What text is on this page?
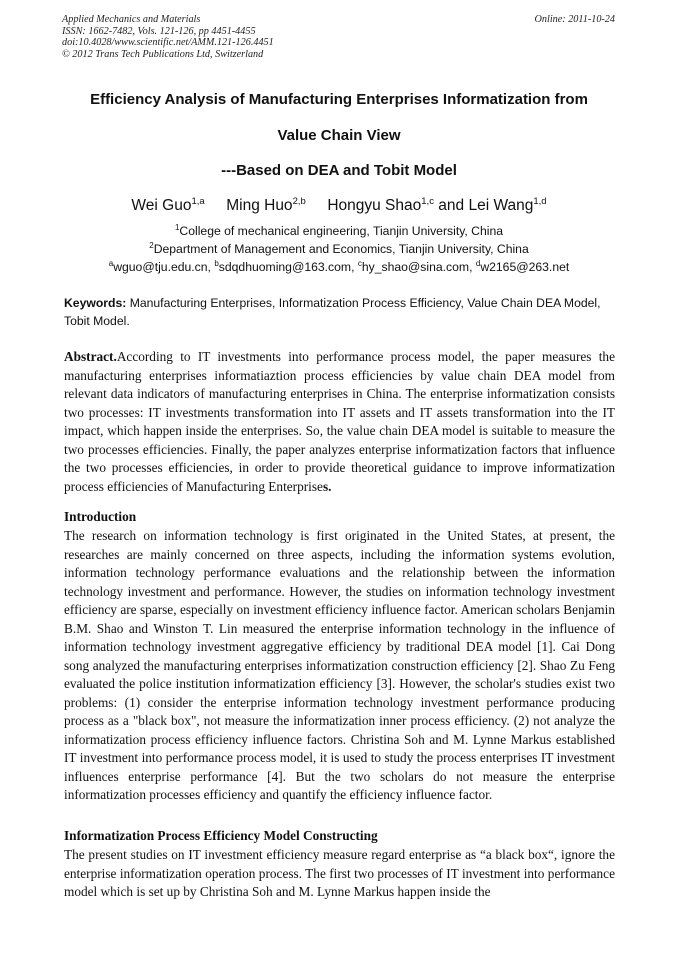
Applied Mechanics and Materials
ISSN: 1662-7482, Vols. 121-126, pp 4451-4455
doi:10.4028/www.scientific.net/AMM.121-126.4451
© 2012 Trans Tech Publications Ltd, Switzerland
Online: 2011-10-24
Efficiency Analysis of Manufacturing Enterprises Informatization from
Value Chain View
---Based on DEA and Tobit Model
Wei Guo$^{1,a}$ Ming Huo$^{2,b}$ Hongyu Shao$^{1,c}$ and Lei Wang$^{1,d}$
$^1$College of mechanical engineering, Tianjin University, China
$^2$Department of Management and Economics, Tianjin University, China
$^a$wguo@tju.edu.cn, $^b$sdqdhuoming@163.com, $^c$hy_shao@sina.com, $^d$w2165@263.net
Keywords: Manufacturing Enterprises, Informatization Process Efficiency, Value Chain DEA Model, Tobit Model.
Abstract.According to IT investments into performance process model, the paper measures the manufacturing enterprises informatiaztion process efficiencies by value chain DEA model from relevant data indicators of manufacturing enterprises in China. The enterprise informatization consists two processes: IT investments transformation into IT assets and IT assets transformation into the IT impact, which happen inside the enterprises. So, the value chain DEA model is suitable to measure the two processes efficiencies. Finally, the paper analyzes enterprise informatization factors that influence the two processes efficiencies, in order to provide theoretical guidance to improve informatization process efficiencies of Manufacturing Enterprises.
Introduction
The research on information technology is first originated in the United States, at present, the researches are mainly concerned on three aspects, including the information systems evolution, information technology performance evaluations and the relationship between the information technology investment and performance. However, the studies on information technology investment efficiency are sparse, especially on investment efficiency influence factor. American scholars Benjamin B.M. Shao and Winston T. Lin measured the enterprise information technology in the influence of information technology investment aggregative efficiency by traditional DEA model [1]. Cai Dong song analyzed the manufacturing enterprises informatization construction efficiency [2]. Shao Zu Feng evaluated the police institution informatization efficiency [3]. However, the scholar's studies exist two problems: (1) consider the enterprise information technology investment performance producing process as a "black box", not measure the informatization inner process efficiency. (2) not analyze the informatization process efficiency influence factors. Christina Soh and M. Lynne Markus established IT investment into performance process model, it is used to study the process enterprises IT investment influences enterprise performance [4]. But the two scholars do not measure the enterprise informatization processes efficiency and quantify the efficiency influence factor.
Informatization Process Efficiency Model Constructing
The present studies on IT investment efficiency measure regard enterprise as “a black box“, ignore the enterprise informatization operation process. The first two processes of IT investment into performance model which is set up by Christina Soh and M. Lynne Markus happen inside the
